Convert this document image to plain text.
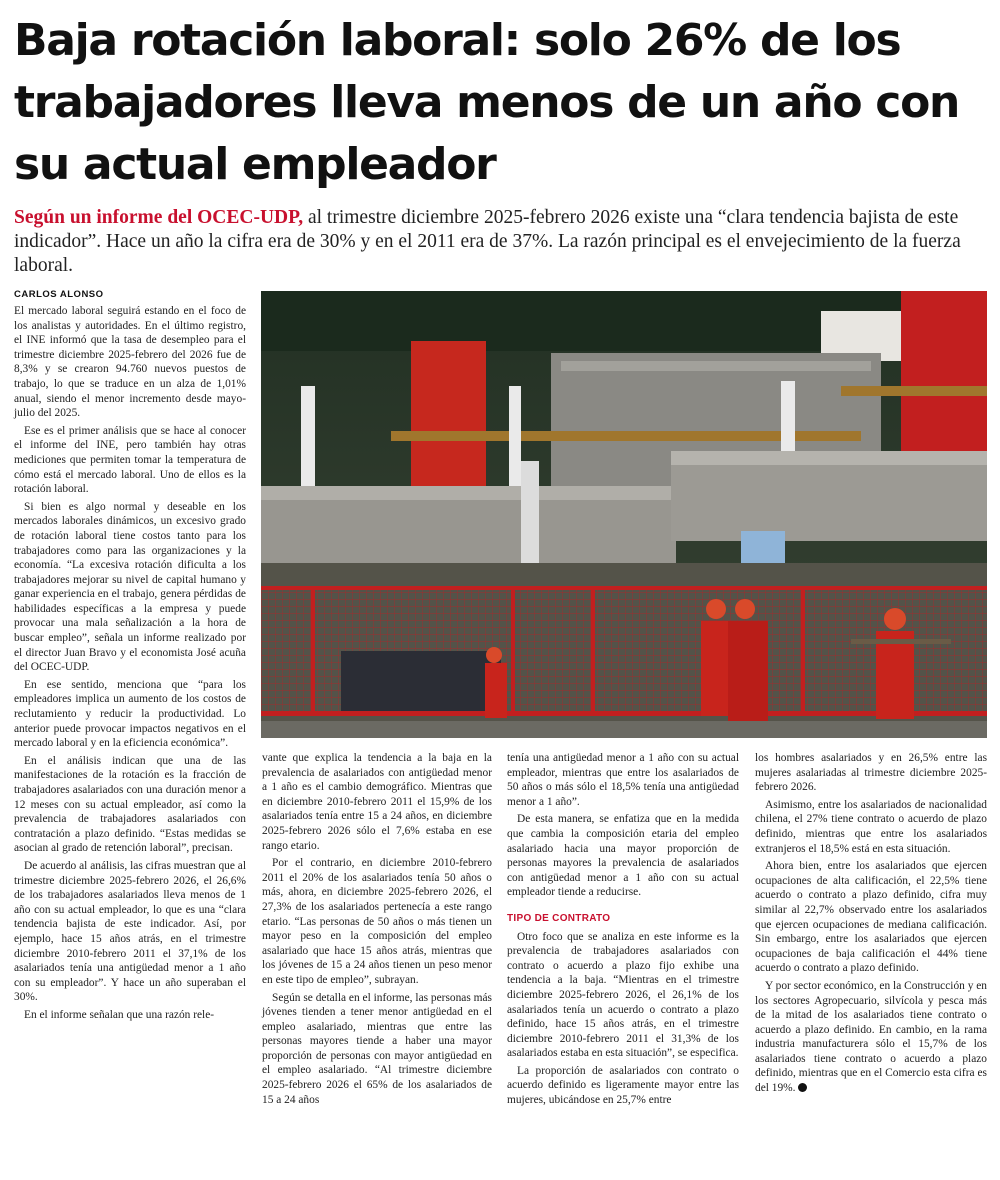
Baja rotación laboral: solo 26% de los trabajadores lleva menos de un año con su actual empleador

Según un informe del OCEC-UDP, al trimestre diciembre 2025-febrero 2026 existe una “clara tendencia bajista de este indicador”. Hace un año la cifra era de 30% y en el 2011 era de 37%. La razón principal es el envejecimiento de la fuerza laboral.

CARLOS ALONSO

El mercado laboral seguirá estando en el foco de los analistas y autoridades. En el último registro, el INE informó que la tasa de desempleo para el trimestre diciembre 2025-febrero del 2026 fue de 8,3% y se crearon 94.760 nuevos puestos de trabajo, lo que se traduce en un alza de 1,01% anual, siendo el menor incremento desde mayo-julio del 2025.

Ese es el primer análisis que se hace al conocer el informe del INE, pero también hay otras mediciones que permiten tomar la temperatura de cómo está el mercado laboral. Uno de ellos es la rotación laboral.

Si bien es algo normal y deseable en los mercados laborales dinámicos, un excesivo grado de rotación laboral tiene costos tanto para los trabajadores como para las organizaciones y la economía. “La excesiva rotación dificulta a los trabajadores mejorar su nivel de capital humano y ganar experiencia en el trabajo, genera pérdidas de habilidades específicas a la empresa y puede provocar una mala señalización a la hora de buscar empleo”, señala un informe realizado por el director Juan Bravo y el economista José acuña del OCEC-UDP.

En ese sentido, menciona que “para los empleadores implica un aumento de los costos de reclutamiento y reducir la productividad. Lo anterior puede provocar impactos negativos en el mercado laboral y en la eficiencia económica”.

En el análisis indican que una de las manifestaciones de la rotación es la fracción de trabajadores asalariados con una duración menor a 12 meses con su actual empleador, así como la prevalencia de trabajadores asalariados con contratación a plazo definido. “Estas medidas se asocian al grado de retención laboral”, precisan.

De acuerdo al análisis, las cifras muestran que al trimestre diciembre 2025-febrero 2026, el 26,6% de los trabajadores asalariados lleva menos de 1 año con su actual empleador, lo que es una “clara tendencia bajista de este indicador. Así, por ejemplo, hace 15 años atrás, en el trimestre diciembre 2010-febrero 2011 el 37,1% de los asalariados tenía una antigüedad menor a 1 año con su empleador”. Y hace un año superaban el 30%.

En el informe señalan que una razón rele-

vante que explica la tendencia a la baja en la prevalencia de asalariados con antigüedad menor a 1 año es el cambio demográfico. Mientras que en diciembre 2010-febrero 2011 el 15,9% de los asalariados tenía entre 15 a 24 años, en diciembre 2025-febrero 2026 sólo el 7,6% estaba en ese rango etario.

Por el contrario, en diciembre 2010-febrero 2011 el 20% de los asalariados tenía 50 años o más, ahora, en diciembre 2025-febrero 2026, el 27,3% de los asalariados pertenecía a este rango etario. “Las personas de 50 años o más tienen un mayor peso en la composición del empleo asalariado que hace 15 años atrás, mientras que los jóvenes de 15 a 24 años tienen un peso menor en este tipo de empleo”, subrayan.

Según se detalla en el informe, las personas más jóvenes tienden a tener menor antigüedad en el empleo asalariado, mientras que entre las personas mayores tiende a haber una mayor proporción de personas con mayor antigüedad en el empleo asalariado. “Al trimestre diciembre 2025-febrero 2026 el 65% de los asalariados de 15 a 24 años

tenía una antigüedad menor a 1 año con su actual empleador, mientras que entre los asalariados de 50 años o más sólo el 18,5% tenía una antigüedad menor a 1 año”.

De esta manera, se enfatiza que en la medida que cambia la composición etaria del empleo asalariado hacia una mayor proporción de personas mayores la prevalencia de asalariados con antigüedad menor a 1 año con su actual empleador tiende a reducirse.

TIPO DE CONTRATO

Otro foco que se analiza en este informe es la prevalencia de trabajadores asalariados con contrato o acuerdo a plazo fijo exhibe una tendencia a la baja. “Mientras en el trimestre diciembre 2025-febrero 2026, el 26,1% de los asalariados tenía un acuerdo o contrato a plazo definido, hace 15 años atrás, en el trimestre diciembre 2010-febrero 2011 el 31,3% de los asalariados estaba en esta situación”, se especifica.

La proporción de asalariados con contrato o acuerdo definido es ligeramente mayor entre las mujeres, ubicándose en 25,7% entre

los hombres asalariados y en 26,5% entre las mujeres asalariadas al trimestre diciembre 2025-febrero 2026.

Asimismo, entre los asalariados de nacionalidad chilena, el 27% tiene contrato o acuerdo de plazo definido, mientras que entre los asalariados extranjeros el 18,5% está en esta situación.

Ahora bien, entre los asalariados que ejercen ocupaciones de alta calificación, el 22,5% tiene acuerdo o contrato a plazo definido, cifra muy similar al 22,7% observado entre los asalariados que ejercen ocupaciones de mediana calificación. Sin embargo, entre los asalariados que ejercen ocupaciones de baja calificación el 44% tiene acuerdo o contrato a plazo definido.

Y por sector económico, en la Construcción y en los sectores Agropecuario, silvícola y pesca más de la mitad de los asalariados tiene contrato o acuerdo a plazo definido. En cambio, en la rama industria manufacturera sólo el 15,7% de los asalariados tiene contrato o acuerdo a plazo definido, mientras que en el Comercio esta cifra es del 19%.
